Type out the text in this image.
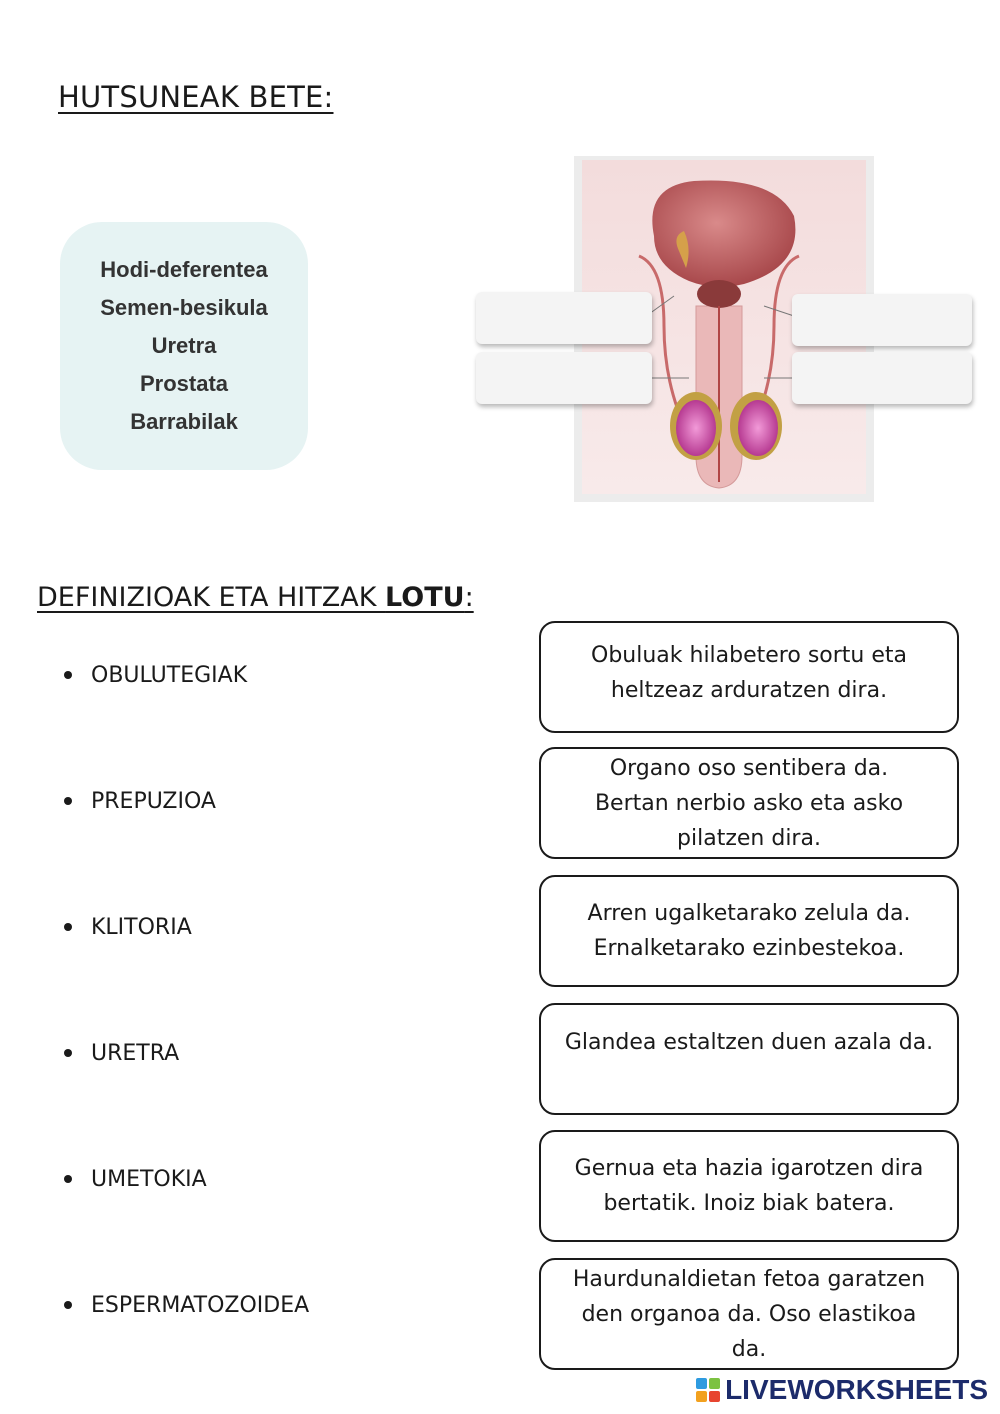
HUTSUNEAK BETE:
Hodi-deferentea
Semen-besikula
Uretra
Prostata
Barrabilak
DEFINIZIOAK ETA HITZAK LOTU:
OBULUTEGIAK
PREPUZIOA
KLITORIA
URETRA
UMETOKIA
ESPERMATOZOIDEA
Obuluak hilabetero sortu eta
heltzeaz arduratzen dira.
Organo oso sentibera da.
Bertan nerbio asko eta asko
pilatzen dira.
Arren ugalketarako zelula da.
Ernalketarako ezinbestekoa.
Glandea estaltzen duen azala da.
Gernua eta hazia igarotzen dira
bertatik. Inoiz biak batera.
Haurdunaldietan fetoa garatzen
den organoa da. Oso elastikoa
da.
LIVEWORKSHEETS
